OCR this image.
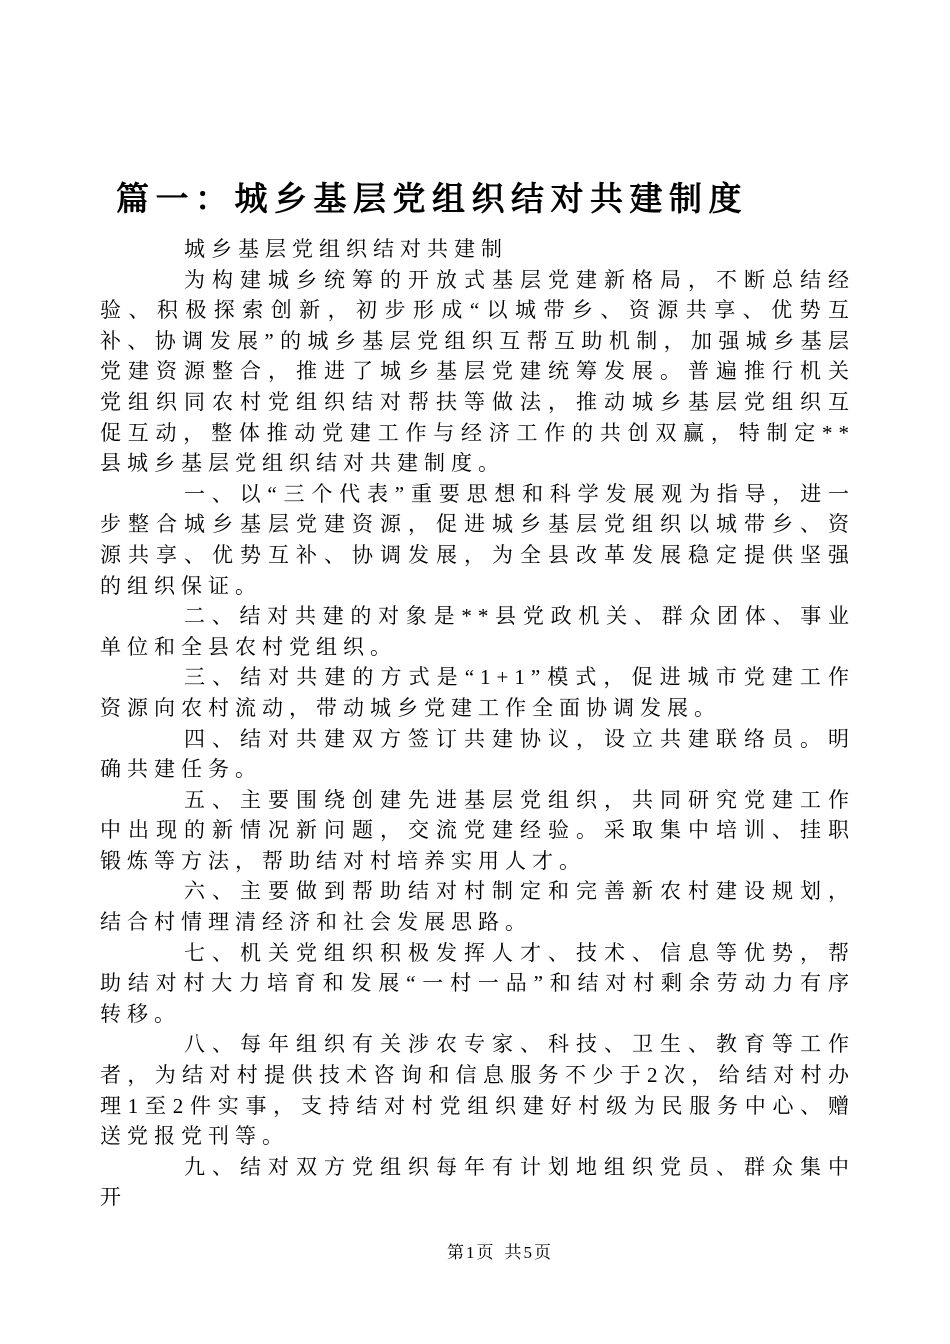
篇一：城乡基层党组织结对共建制度

城乡基层党组织结对共建制

为构建城乡统筹的开放式基层党建新格局，不断总结经验、积极探索创新，初步形成“以城带乡、资源共享、优势互补、协调发展”的城乡基层党组织互帮互助机制，加强城乡基层党建资源整合，推进了城乡基层党建统筹发展。普遍推行机关党组织同农村党组织结对帮扶等做法，推动城乡基层党组织互促互动，整体推动党建工作与经济工作的共创双赢，特制定**县城乡基层党组织结对共建制度。

一、以“三个代表”重要思想和科学发展观为指导，进一步整合城乡基层党建资源，促进城乡基层党组织以城带乡、资源共享、优势互补、协调发展，为全县改革发展稳定提供坚强的组织保证。

二、结对共建的对象是**县党政机关、群众团体、事业单位和全县农村党组织。

三、结对共建的方式是“1+1”模式，促进城市党建工作资源向农村流动，带动城乡党建工作全面协调发展。

四、结对共建双方签订共建协议，设立共建联络员。明确共建任务。

五、主要围绕创建先进基层党组织，共同研究党建工作中出现的新情况新问题，交流党建经验。采取集中培训、挂职锻炼等方法，帮助结对村培养实用人才。

六、主要做到帮助结对村制定和完善新农村建设规划，结合村情理清经济和社会发展思路。

七、机关党组织积极发挥人才、技术、信息等优势，帮助结对村大力培育和发展“一村一品”和结对村剩余劳动力有序转移。

八、每年组织有关涉农专家、科技、卫生、教育等工作者，为结对村提供技术咨询和信息服务不少于2次，给结对村办理1至2件实事，支持结对村党组织建好村级为民服务中心、赠送党报党刊等。

九、结对双方党组织每年有计划地组织党员、群众集中开

第1页 共5页
